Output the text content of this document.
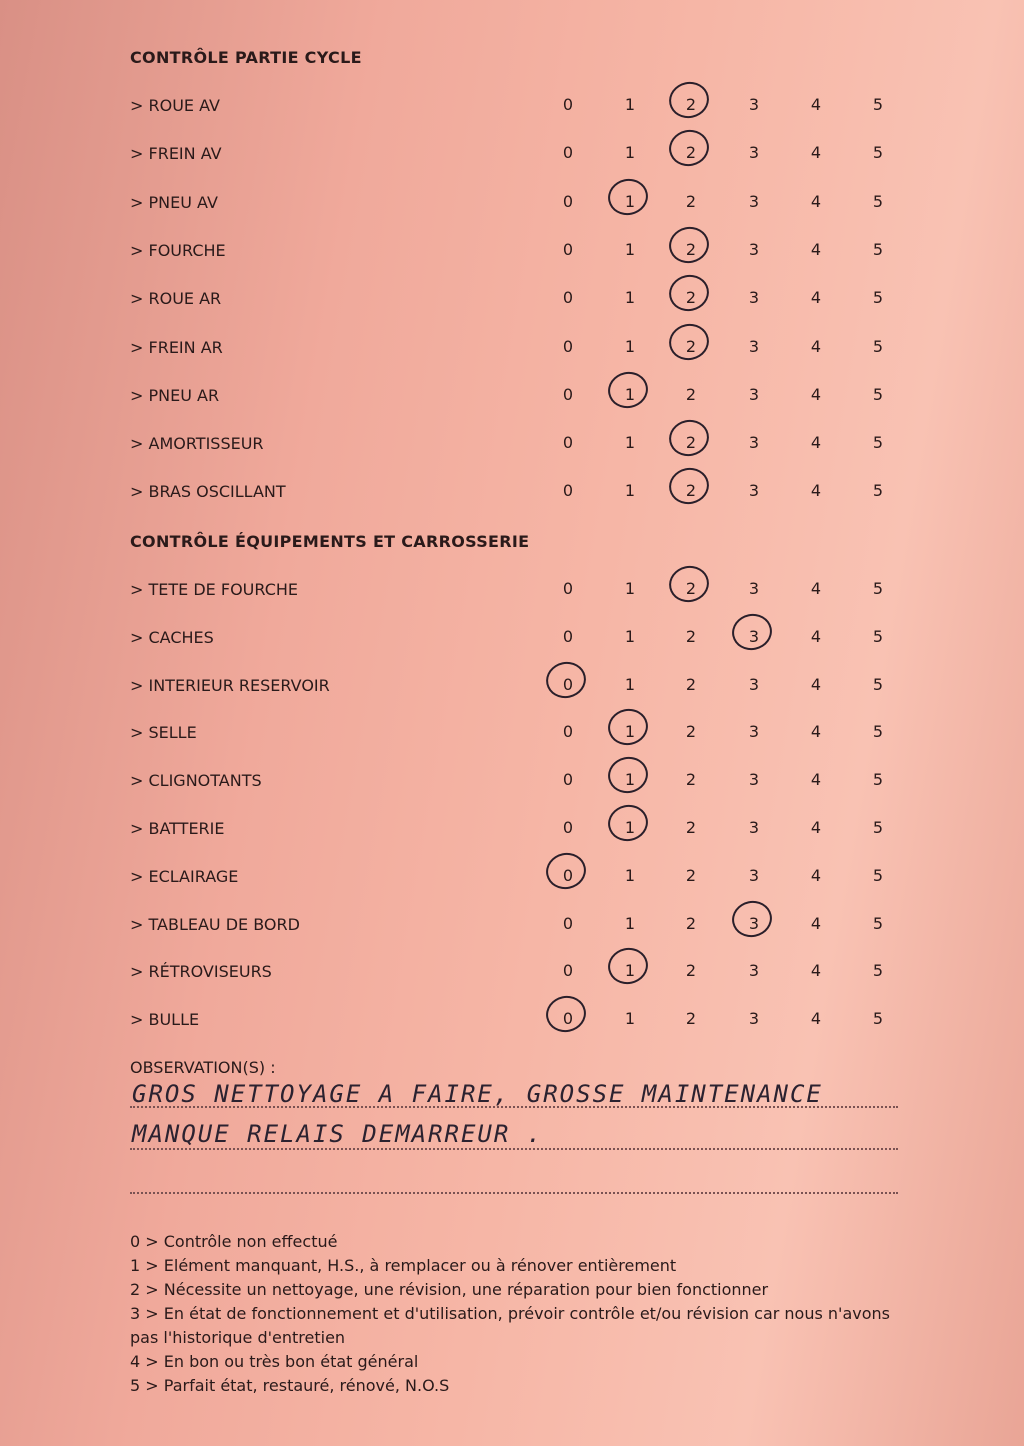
CONTRÔLE PARTIE CYCLE
> ROUE AV	0	1	2	3	4	5
> FREIN AV	0	1	2	3	4	5
> PNEU AV	0	1	2	3	4	5
> FOURCHE	0	1	2	3	4	5
> ROUE AR	0	1	2	3	4	5
> FREIN AR	0	1	2	3	4	5
> PNEU AR	0	1	2	3	4	5
> AMORTISSEUR	0	1	2	3	4	5
> BRAS OSCILLANT	0	1	2	3	4	5
CONTRÔLE ÉQUIPEMENTS ET CARROSSERIE
> TETE DE FOURCHE	0	1	2	3	4	5
> CACHES	0	1	2	3	4	5
> INTERIEUR RESERVOIR	0	1	2	3	4	5
> SELLE	0	1	2	3	4	5
> CLIGNOTANTS	0	1	2	3	4	5
> BATTERIE	0	1	2	3	4	5
> ECLAIRAGE	0	1	2	3	4	5
> TABLEAU DE BORD	0	1	2	3	4	5
> RÉTROVISEURS	0	1	2	3	4	5
> BULLE	0	1	2	3	4	5
OBSERVATION(S) :
GROS NETTOYAGE A FAIRE, GROSSE MAINTENANCE
MANQUE RELAIS DEMARREUR .
0 > Contrôle non effectué
1 > Elément manquant, H.S., à remplacer ou à rénover entièrement
2 > Nécessite un nettoyage, une révision, une réparation pour bien fonctionner
3 > En état de fonctionnement et d'utilisation, prévoir contrôle et/ou révision car nous n'avons pas l'historique d'entretien
4 > En bon ou très bon état général
5 > Parfait état, restauré, rénové, N.O.S
